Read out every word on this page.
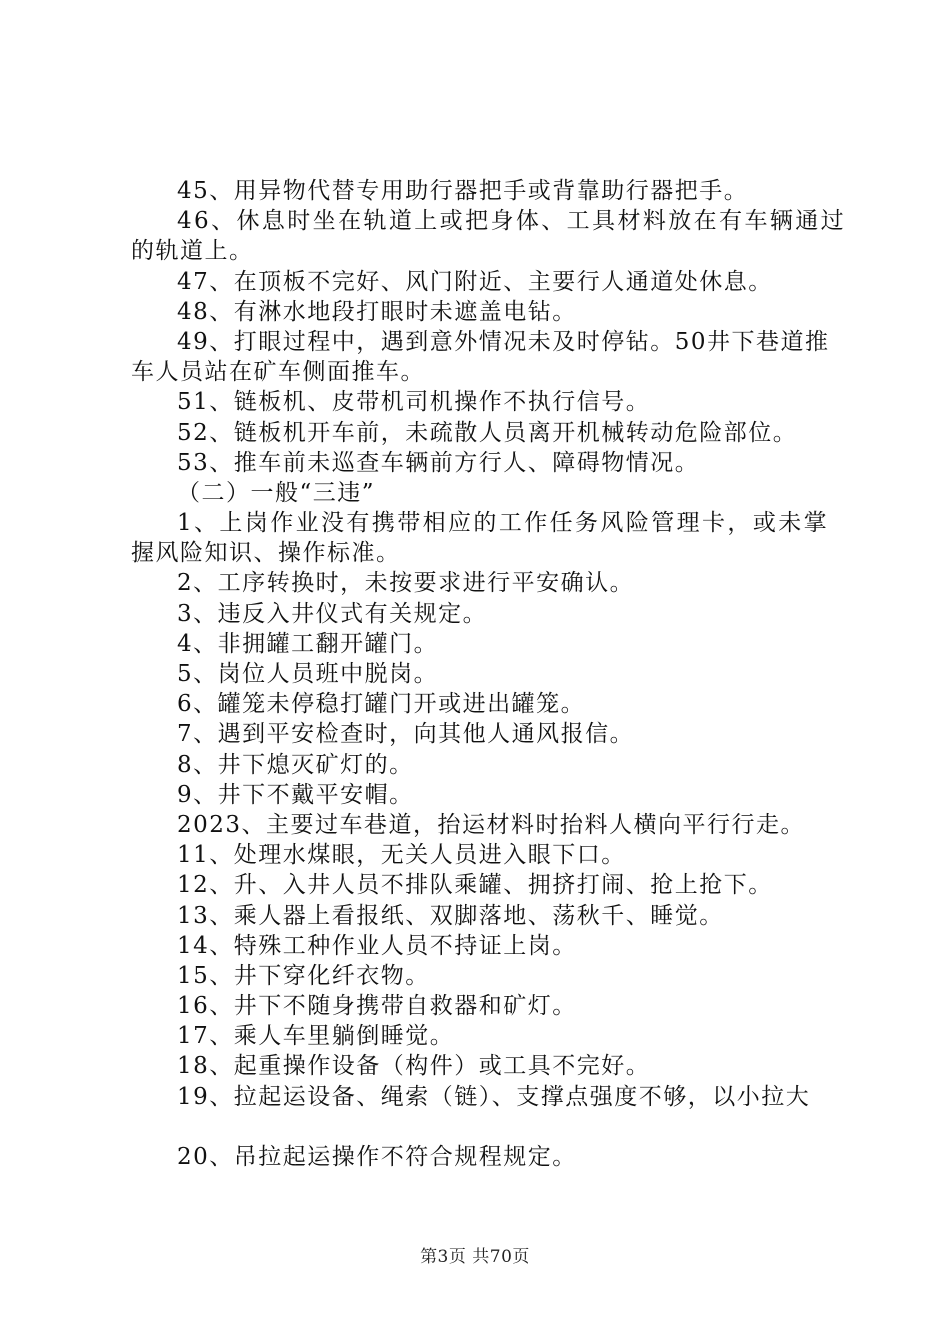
45、用异物代替专用助行器把手或背靠助行器把手。
46、休息时坐在轨道上或把身体、工具材料放在有车辆通过
的轨道上。
47、在顶板不完好、风门附近、主要行人通道处休息。
48、有淋水地段打眼时未遮盖电钻。
49、打眼过程中，遇到意外情况未及时停钻。50井下巷道推
车人员站在矿车侧面推车。
51、链板机、皮带机司机操作不执行信号。
52、链板机开车前，未疏散人员离开机械转动危险部位。
53、推车前未巡查车辆前方行人、障碍物情况。
（二）一般“三违”
1、上岗作业没有携带相应的工作任务风险管理卡，或未掌
握风险知识、操作标准。
2、工序转换时，未按要求进行平安确认。
3、违反入井仪式有关规定。
4、非拥罐工翻开罐门。
5、岗位人员班中脱岗。
6、罐笼未停稳打罐门开或进出罐笼。
7、遇到平安检查时，向其他人通风报信。
8、井下熄灭矿灯的。
9、井下不戴平安帽。
2023、主要过车巷道，抬运材料时抬料人横向平行行走。
11、处理水煤眼，无关人员进入眼下口。
12、升、入井人员不排队乘罐、拥挤打闹、抢上抢下。
13、乘人器上看报纸、双脚落地、荡秋千、睡觉。
14、特殊工种作业人员不持证上岗。
15、井下穿化纤衣物。
16、井下不随身携带自救器和矿灯。
17、乘人车里躺倒睡觉。
18、起重操作设备（构件）或工具不完好。
19、拉起运设备、绳索（链）、支撑点强度不够，以小拉大
20、吊拉起运操作不符合规程规定。
第3页 共70页
